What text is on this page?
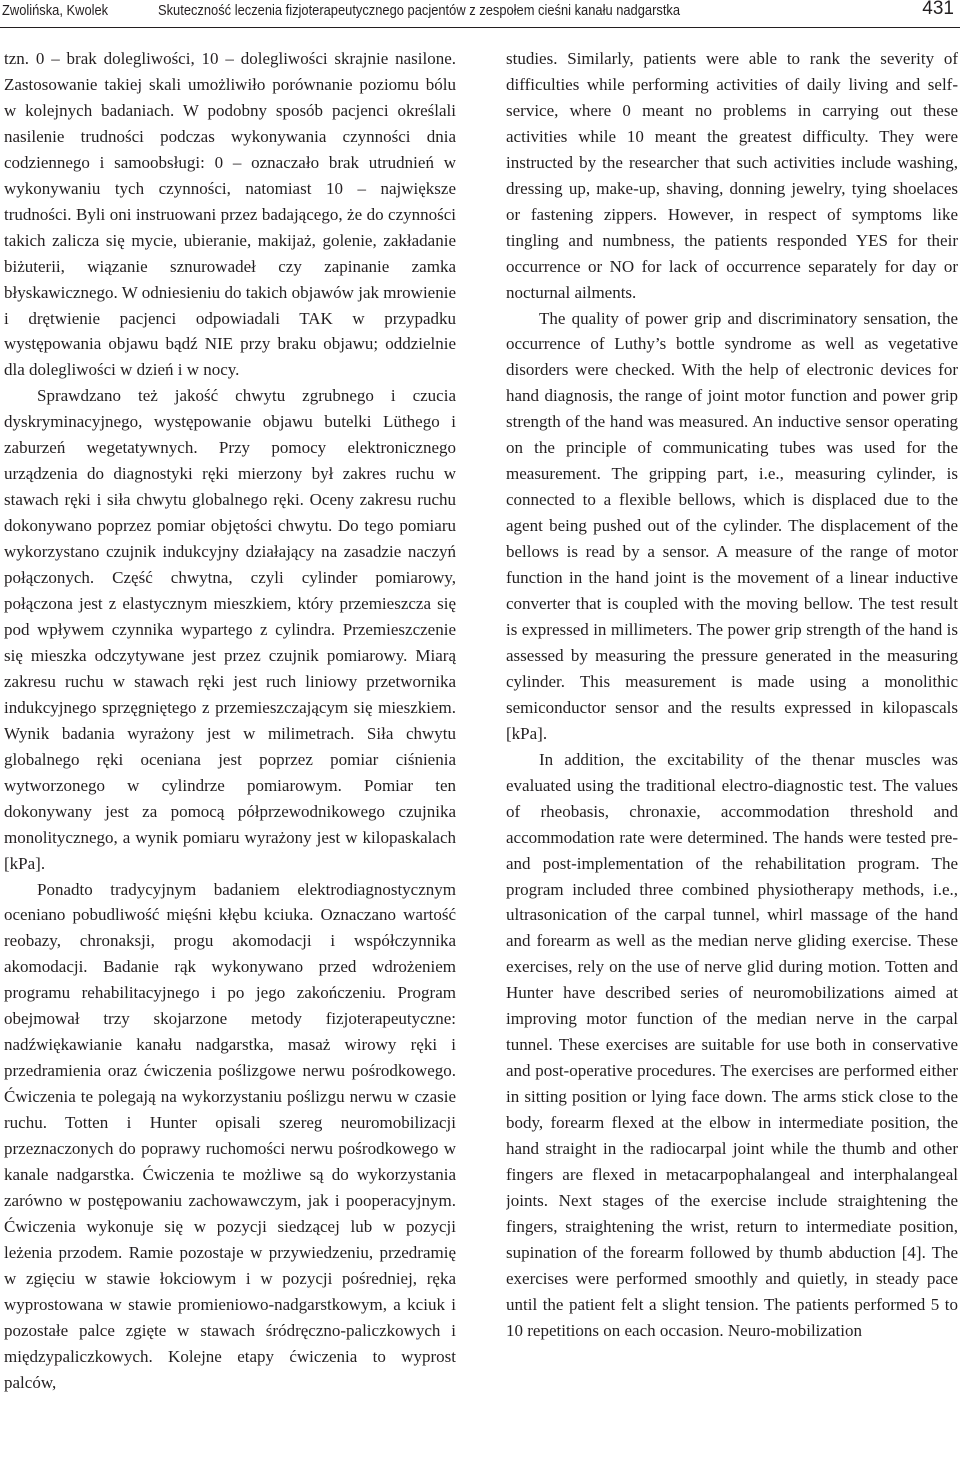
Zwolińska, Kwolek	Skuteczność leczenia fizjoterapeutycznego pacjentów z zespołem cieśni kanału nadgarstka	431

tzn. 0 – brak dolegliwości, 10 – dolegliwości skrajnie nasilone. Zastosowanie takiej skali umożliwiło porównanie poziomu bólu w kolejnych badaniach. W podobny sposób pacjenci określali nasilenie trudności podczas wykonywania czynności dnia codziennego i samoobsługi: 0 – oznaczało brak utrudnień w wykonywaniu tych czynności, natomiast 10 – największe trudności. Byli oni instruowani przez badającego, że do czynności takich zalicza się mycie, ubieranie, makijaż, golenie, zakładanie biżuterii, wiązanie sznurowadeł czy zapinanie zamka błyskawicznego. W odniesieniu do takich objawów jak mrowienie i drętwienie pacjenci odpowiadali TAK w przypadku występowania objawu bądź NIE przy braku objawu; oddzielnie dla dolegliwości w dzień i w nocy.

Sprawdzano też jakość chwytu zgrubnego i czucia dyskryminacyjnego, występowanie objawu butelki Lüthego i zaburzeń wegetatywnych. Przy pomocy elektronicznego urządzenia do diagnostyki ręki mierzony był zakres ruchu w stawach ręki i siła chwytu globalnego ręki. Oceny zakresu ruchu dokonywano poprzez pomiar objętości chwytu. Do tego pomiaru wykorzystano czujnik indukcyjny działający na zasadzie naczyń połączonych. Część chwytna, czyli cylinder pomiarowy, połączona jest z elastycznym mieszkiem, który przemieszcza się pod wpływem czynnika wypartego z cylindra. Przemieszczenie się mieszka odczytywane jest przez czujnik pomiarowy. Miarą zakresu ruchu w stawach ręki jest ruch liniowy przetwornika indukcyjnego sprzęgniętego z przemieszczającym się mieszkiem. Wynik badania wyrażony jest w milimetrach. Siła chwytu globalnego ręki oceniana jest poprzez pomiar ciśnienia wytworzonego w cylindrze pomiarowym. Pomiar ten dokonywany jest za pomocą półprzewodnikowego czujnika monolitycznego, a wynik pomiaru wyrażony jest w kilopaskalach [kPa].

Ponadto tradycyjnym badaniem elektrodiagnostycznym oceniano pobudliwość mięśni kłębu kciuka. Oznaczano wartość reobazy, chronaksji, progu akomodacji i współczynnika akomodacji. Badanie rąk wykonywano przed wdrożeniem programu rehabilitacyjnego i po jego zakończeniu. Program obejmował trzy skojarzone metody fizjoterapeutyczne: nadźwiękawianie kanału nadgarstka, masaż wirowy ręki i przedramienia oraz ćwiczenia poślizgowe nerwu pośrodkowego. Ćwiczenia te polegają na wykorzystaniu poślizgu nerwu w czasie ruchu. Totten i Hunter opisali szereg neuromobilizacji przeznaczonych do poprawy ruchomości nerwu pośrodkowego w kanale nadgarstka. Ćwiczenia te możliwe są do wykorzystania zarówno w postępowaniu zachowawczym, jak i pooperacyjnym. Ćwiczenia wykonuje się w pozycji siedzącej lub w pozycji leżenia przodem. Ramie pozostaje w przywiedzeniu, przedramię w zgięciu w stawie łokciowym i w pozycji pośredniej, ręka wyprostowana w stawie promieniowo-nadgarstkowym, a kciuk i pozostałe palce zgięte w stawach śródręczno-paliczkowych i międzypaliczkowych. Kolejne etapy ćwiczenia to wyprost palców,

studies. Similarly, patients were able to rank the severity of difficulties while performing activities of daily living and self-service, where 0 meant no problems in carrying out these activities while 10 meant the greatest difficulty. They were instructed by the researcher that such activities include washing, dressing up, make-up, shaving, donning jewelry, tying shoelaces or fastening zippers. However, in respect of symptoms like tingling and numbness, the patients responded YES for their occurrence or NO for lack of occurrence separately for day or nocturnal ailments.

The quality of power grip and discriminatory sensation, the occurrence of Luthy’s bottle syndrome as well as vegetative disorders were checked. With the help of electronic devices for hand diagnosis, the range of joint motor function and power grip strength of the hand was measured. An inductive sensor operating on the principle of communicating tubes was used for the measurement. The gripping part, i.e., measuring cylinder, is connected to a flexible bellows, which is displaced due to the agent being pushed out of the cylinder. The displacement of the bellows is read by a sensor. A measure of the range of motor function in the hand joint is the movement of a linear inductive converter that is coupled with the moving bellow. The test result is expressed in millimeters. The power grip strength of the hand is assessed by measuring the pressure generated in the measuring cylinder. This measurement is made using a monolithic semiconductor sensor and the results expressed in kilopascals [kPa].

In addition, the excitability of the thenar muscles was evaluated using the traditional electro-diagnostic test. The values of rheobasis, chronaxie, accommodation threshold and accommodation rate were determined. The hands were tested pre- and post-implementation of the rehabilitation program. The program included three combined physiotherapy methods, i.e., ultrasonication of the carpal tunnel, whirl massage of the hand and forearm as well as the median nerve gliding exercise. These exercises, rely on the use of nerve glid during motion. Totten and Hunter have described series of neuromobilizations aimed at improving motor function of the median nerve in the carpal tunnel. These exercises are suitable for use both in conservative and post-operative procedures. The exercises are performed either in sitting position or lying face down. The arms stick close to the body, forearm flexed at the elbow in intermediate position, the hand straight in the radiocarpal joint while the thumb and other fingers are flexed in metacarpophalangeal and interphalangeal joints. Next stages of the exercise include straightening the fingers, straightening the wrist, return to intermediate position, supination of the forearm followed by thumb abduction [4]. The exercises were performed smoothly and quietly, in steady pace until the patient felt a slight tension. The patients performed 5 to 10 repetitions on each occasion. Neuro-mobilization
